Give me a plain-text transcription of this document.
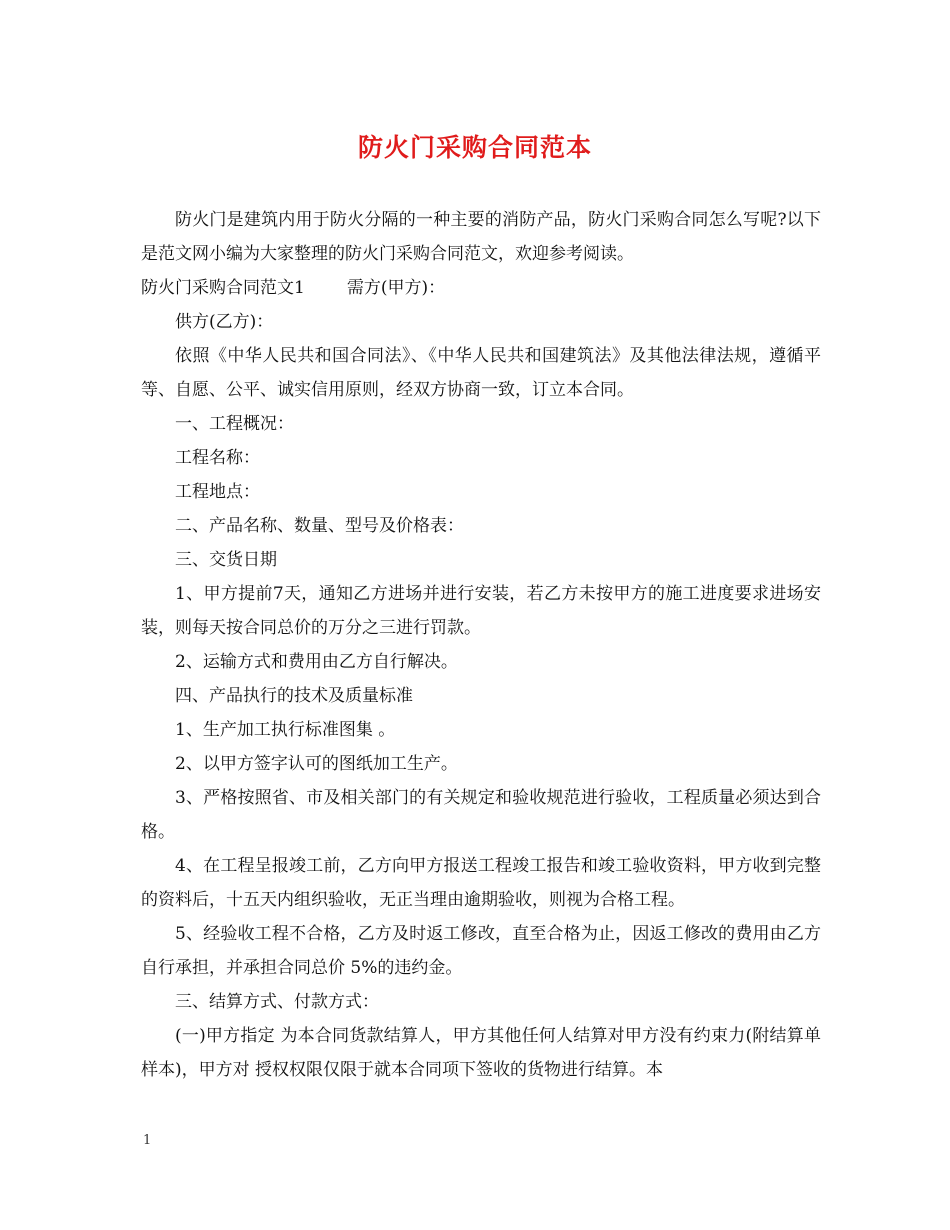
防火门采购合同范本

防火门是建筑内用于防火分隔的一种主要的消防产品，防火门采购合同怎么写呢?以下是范文网小编为大家整理的防火门采购合同范文，欢迎参考阅读。

防火门采购合同范文1 需方(甲方)：

供方(乙方)：

依照《中华人民共和国合同法》、《中华人民共和国建筑法》及其他法律法规，遵循平等、自愿、公平、诚实信用原则，经双方协商一致，订立本合同。

一、工程概况：

工程名称：

工程地点：

二、产品名称、数量、型号及价格表：

三、交货日期

1、甲方提前7天，通知乙方进场并进行安装，若乙方未按甲方的施工进度要求进场安装，则每天按合同总价的万分之三进行罚款。

2、运输方式和费用由乙方自行解决。

四、产品执行的技术及质量标准

1、生产加工执行标准图集 。

2、以甲方签字认可的图纸加工生产。

3、严格按照省、市及相关部门的有关规定和验收规范进行验收，工程质量必须达到合格。

4、在工程呈报竣工前，乙方向甲方报送工程竣工报告和竣工验收资料，甲方收到完整的资料后，十五天内组织验收，无正当理由逾期验收，则视为合格工程。

5、经验收工程不合格，乙方及时返工修改，直至合格为止，因返工修改的费用由乙方自行承担，并承担合同总价 5%的违约金。

三、结算方式、付款方式：

(一)甲方指定 为本合同货款结算人，甲方其他任何人结算对甲方没有约束力(附结算单样本)，甲方对 授权权限仅限于就本合同项下签收的货物进行结算。本

1
